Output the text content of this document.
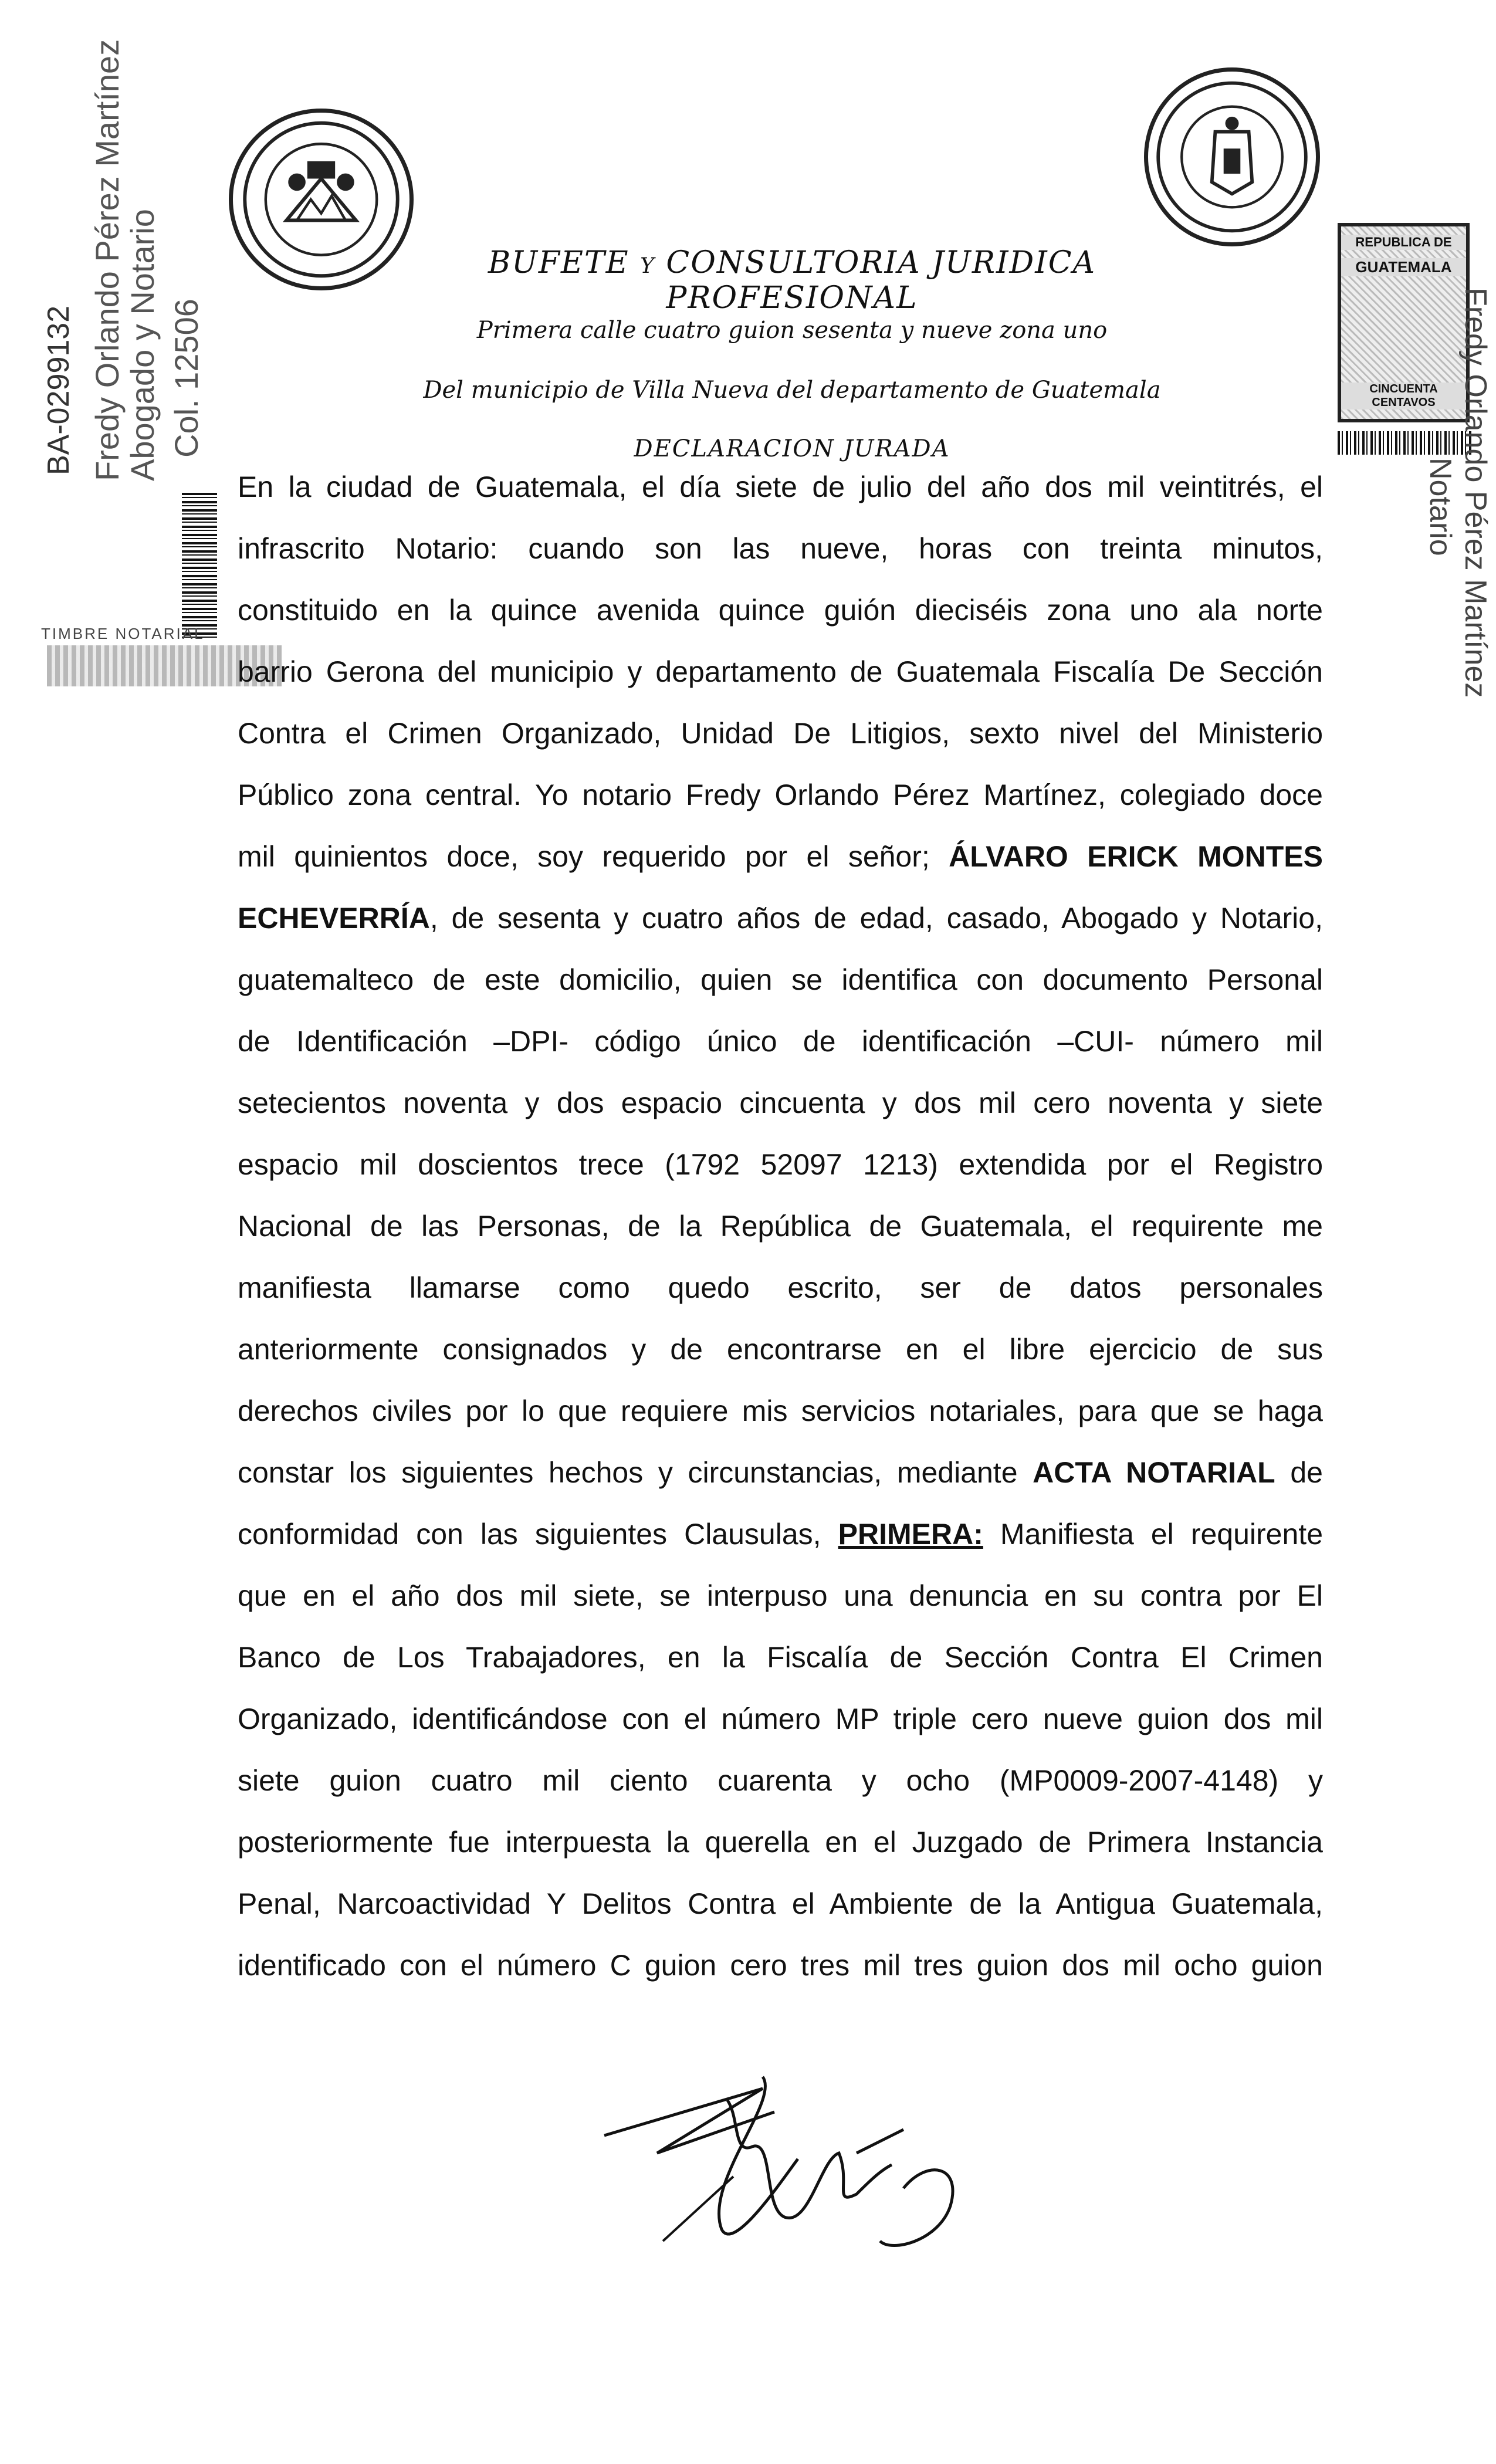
BUFETE y CONSULTORIA JURIDICA PROFESIONAL
Primera calle cuatro guion sesenta y nueve zona uno
Del municipio de Villa Nueva del departamento de Guatemala
DECLARACION JURADA
BA-0299132 Fredy Orlando Pérez Martínez
Abogado y Notario Col. 12506
TIMBRE NOTARIAL
REPUBLICA DE
GUATEMALA
CINCUENTA CENTAVOS Fredy Orlando Pérez Martínez
Notario
En la ciudad de Guatemala, el día siete de julio del año dos mil veintitrés, el
infrascrito Notario: cuando son las nueve, horas con treinta minutos,
constituido en la quince avenida quince guión dieciséis zona uno ala norte
barrio Gerona del municipio y departamento de Guatemala Fiscalía De Sección
Contra el Crimen Organizado, Unidad De Litigios, sexto nivel del Ministerio
Público zona central. Yo notario Fredy Orlando Pérez Martínez, colegiado doce
mil quinientos doce, soy requerido por el señor; ÁLVARO ERICK MONTES
ECHEVERRÍA, de sesenta y cuatro años de edad, casado, Abogado y Notario,
guatemalteco de este domicilio, quien se identifica con documento Personal
de Identificación –DPI- código único de identificación –CUI- número mil
setecientos noventa y dos espacio cincuenta y dos mil cero noventa y siete
espacio mil doscientos trece (1792 52097 1213) extendida por el Registro
Nacional de las Personas, de la República de Guatemala, el requirente me
manifiesta llamarse como quedo escrito, ser de datos personales
anteriormente consignados y de encontrarse en el libre ejercicio de sus
derechos civiles por lo que requiere mis servicios notariales, para que se haga
constar los siguientes hechos y circunstancias, mediante ACTA NOTARIAL de
conformidad con las siguientes Clausulas, PRIMERA: Manifiesta el requirente
que en el año dos mil siete, se interpuso una denuncia en su contra por El
Banco de Los Trabajadores, en la Fiscalía de Sección Contra El Crimen
Organizado, identificándose con el número MP triple cero nueve guion dos mil
siete guion cuatro mil ciento cuarenta y ocho (MP0009-2007-4148) y
posteriormente fue interpuesta la querella en el Juzgado de Primera Instancia
Penal, Narcoactividad Y Delitos Contra el Ambiente de la Antigua Guatemala,
identificado con el número C guion cero tres mil tres guion dos mil ocho guion
